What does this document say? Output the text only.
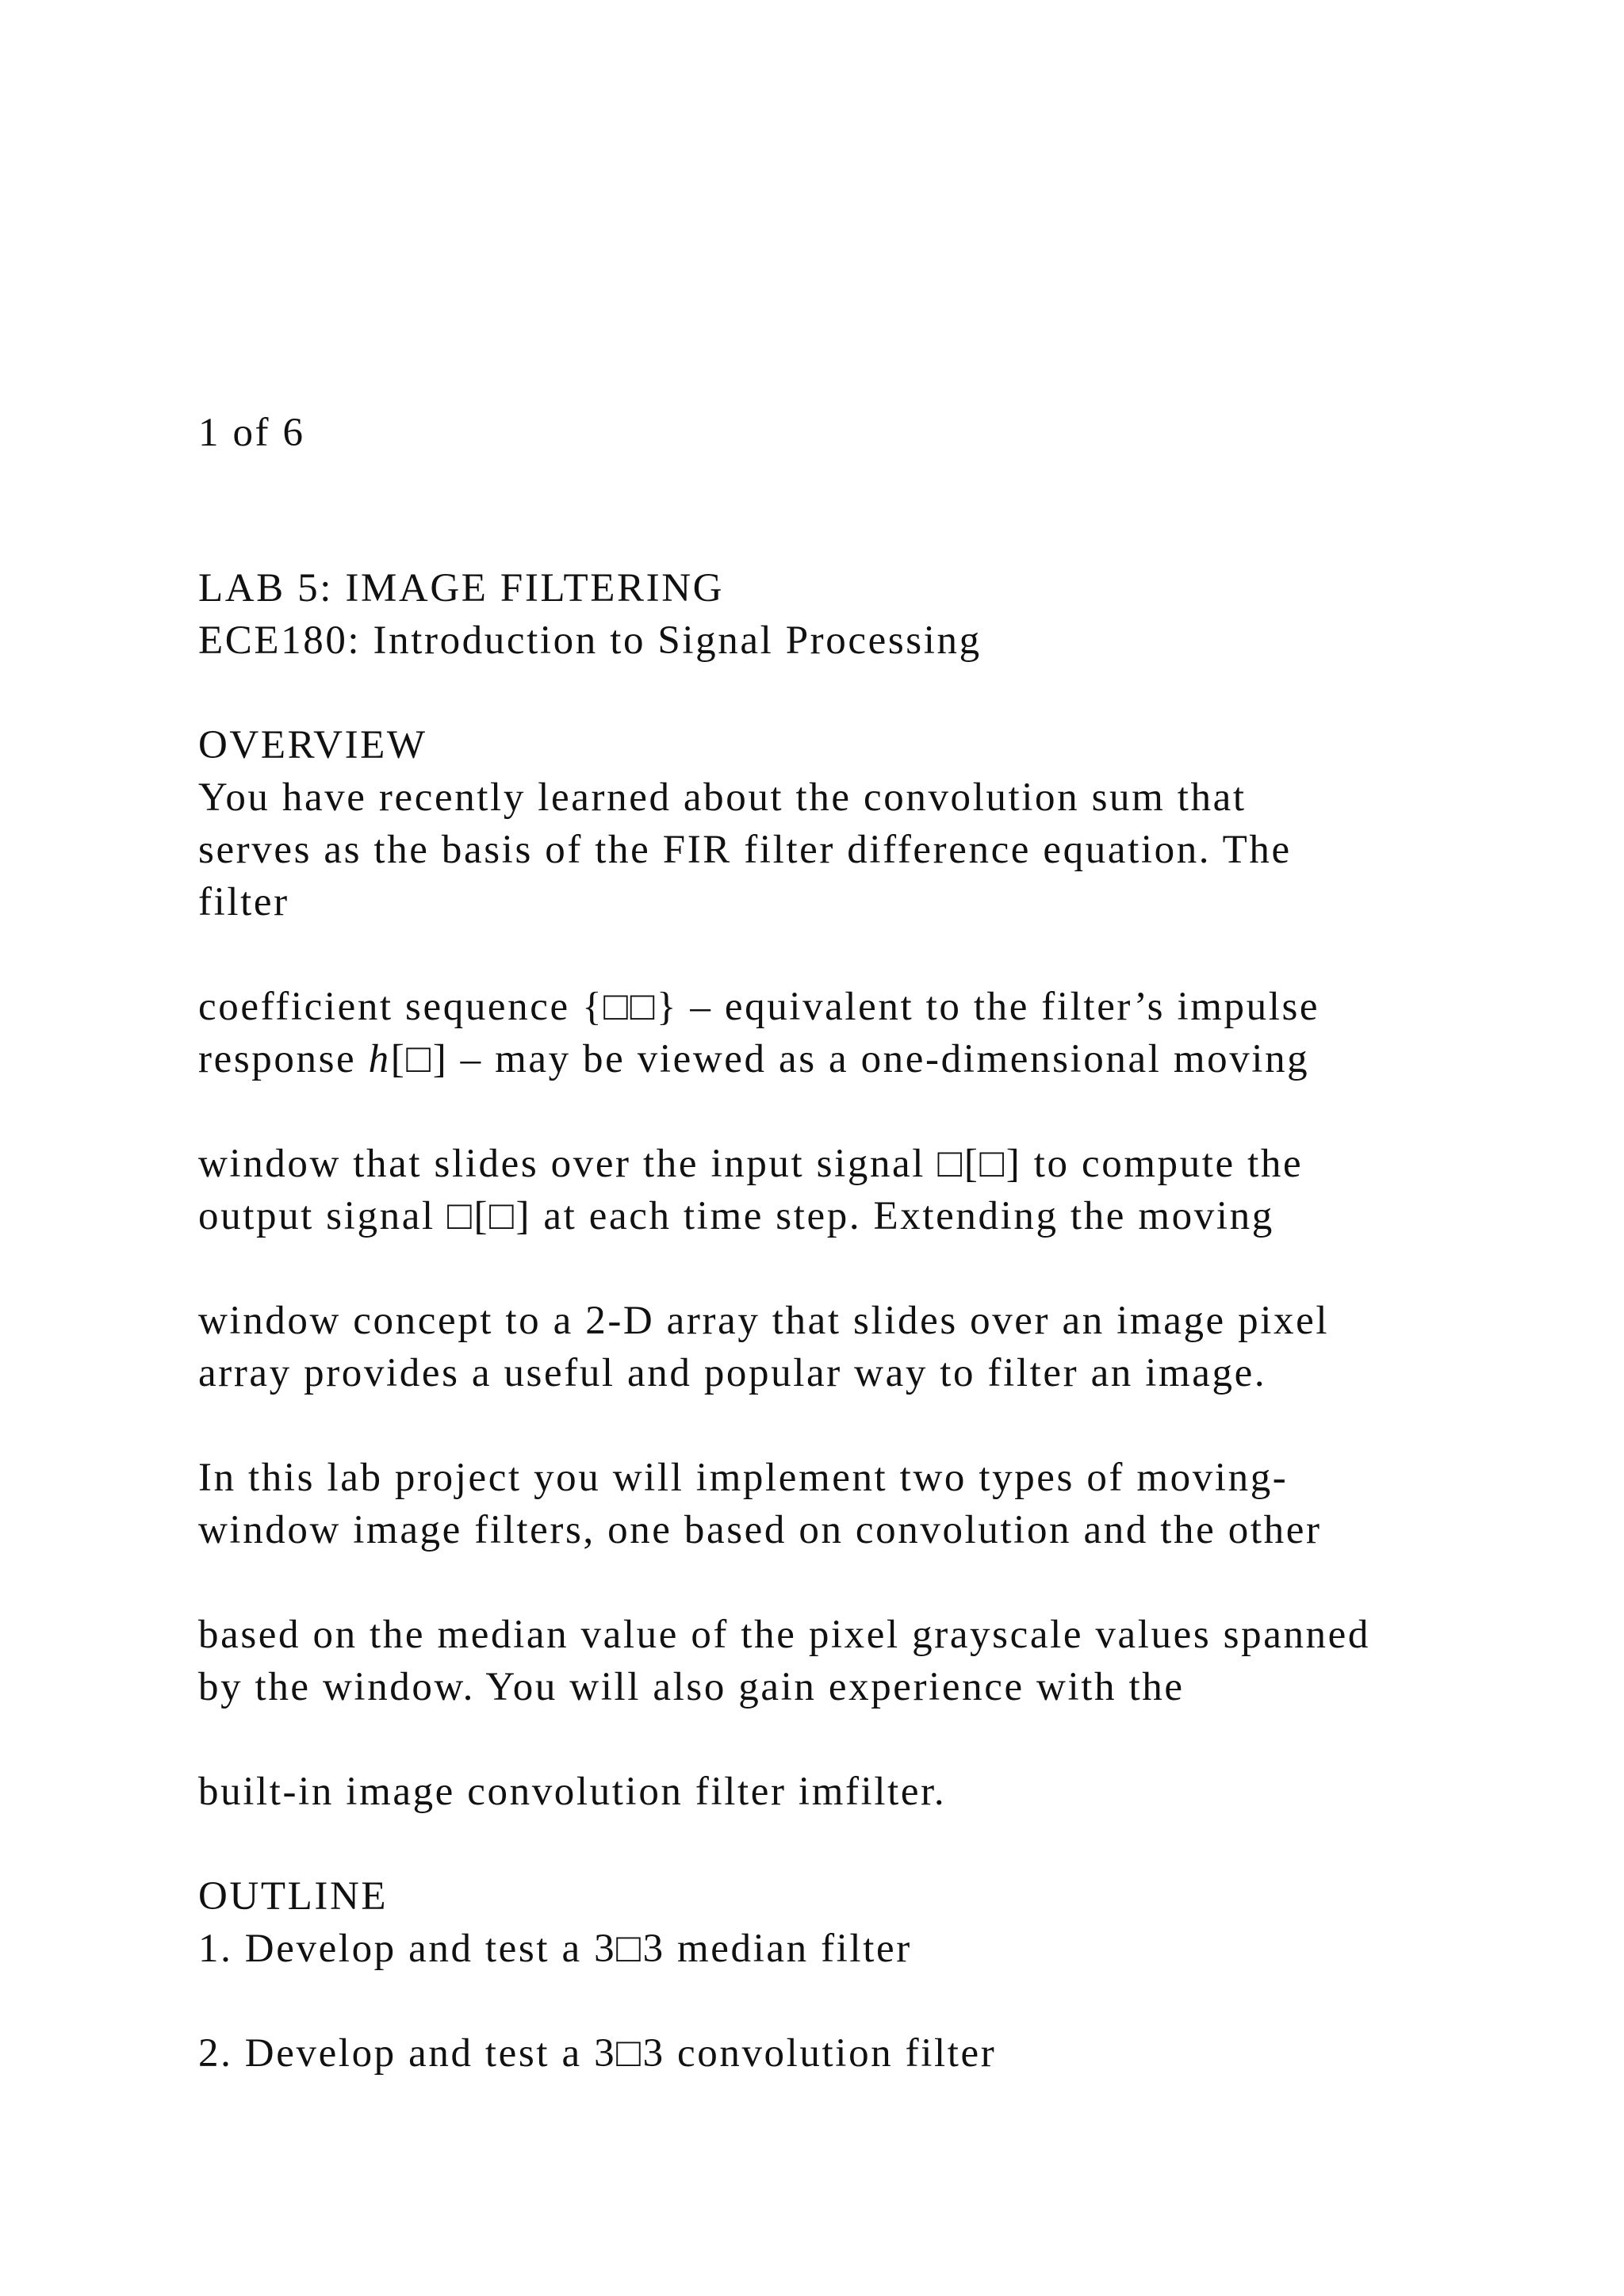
1 of 6

LAB 5: IMAGE FILTERING

ECE180: Introduction to Signal Processing

OVERVIEW

You have recently learned about the convolution sum that

serves as the basis of the FIR filter difference equation. The

filter

coefficient sequence {□□} – equivalent to the filter’s impulse

response h[□] – may be viewed as a one-dimensional moving

window that slides over the input signal □[□] to compute the

output signal □[□] at each time step. Extending the moving

window concept to a 2-D array that slides over an image pixel

array provides a useful and popular way to filter an image.

In this lab project you will implement two types of moving-

window image filters, one based on convolution and the other

based on the median value of the pixel grayscale values spanned

by the window. You will also gain experience with the

built-in image convolution filter imfilter.

OUTLINE

1. Develop and test a 3□3 median filter

2. Develop and test a 3□3 convolution filter
